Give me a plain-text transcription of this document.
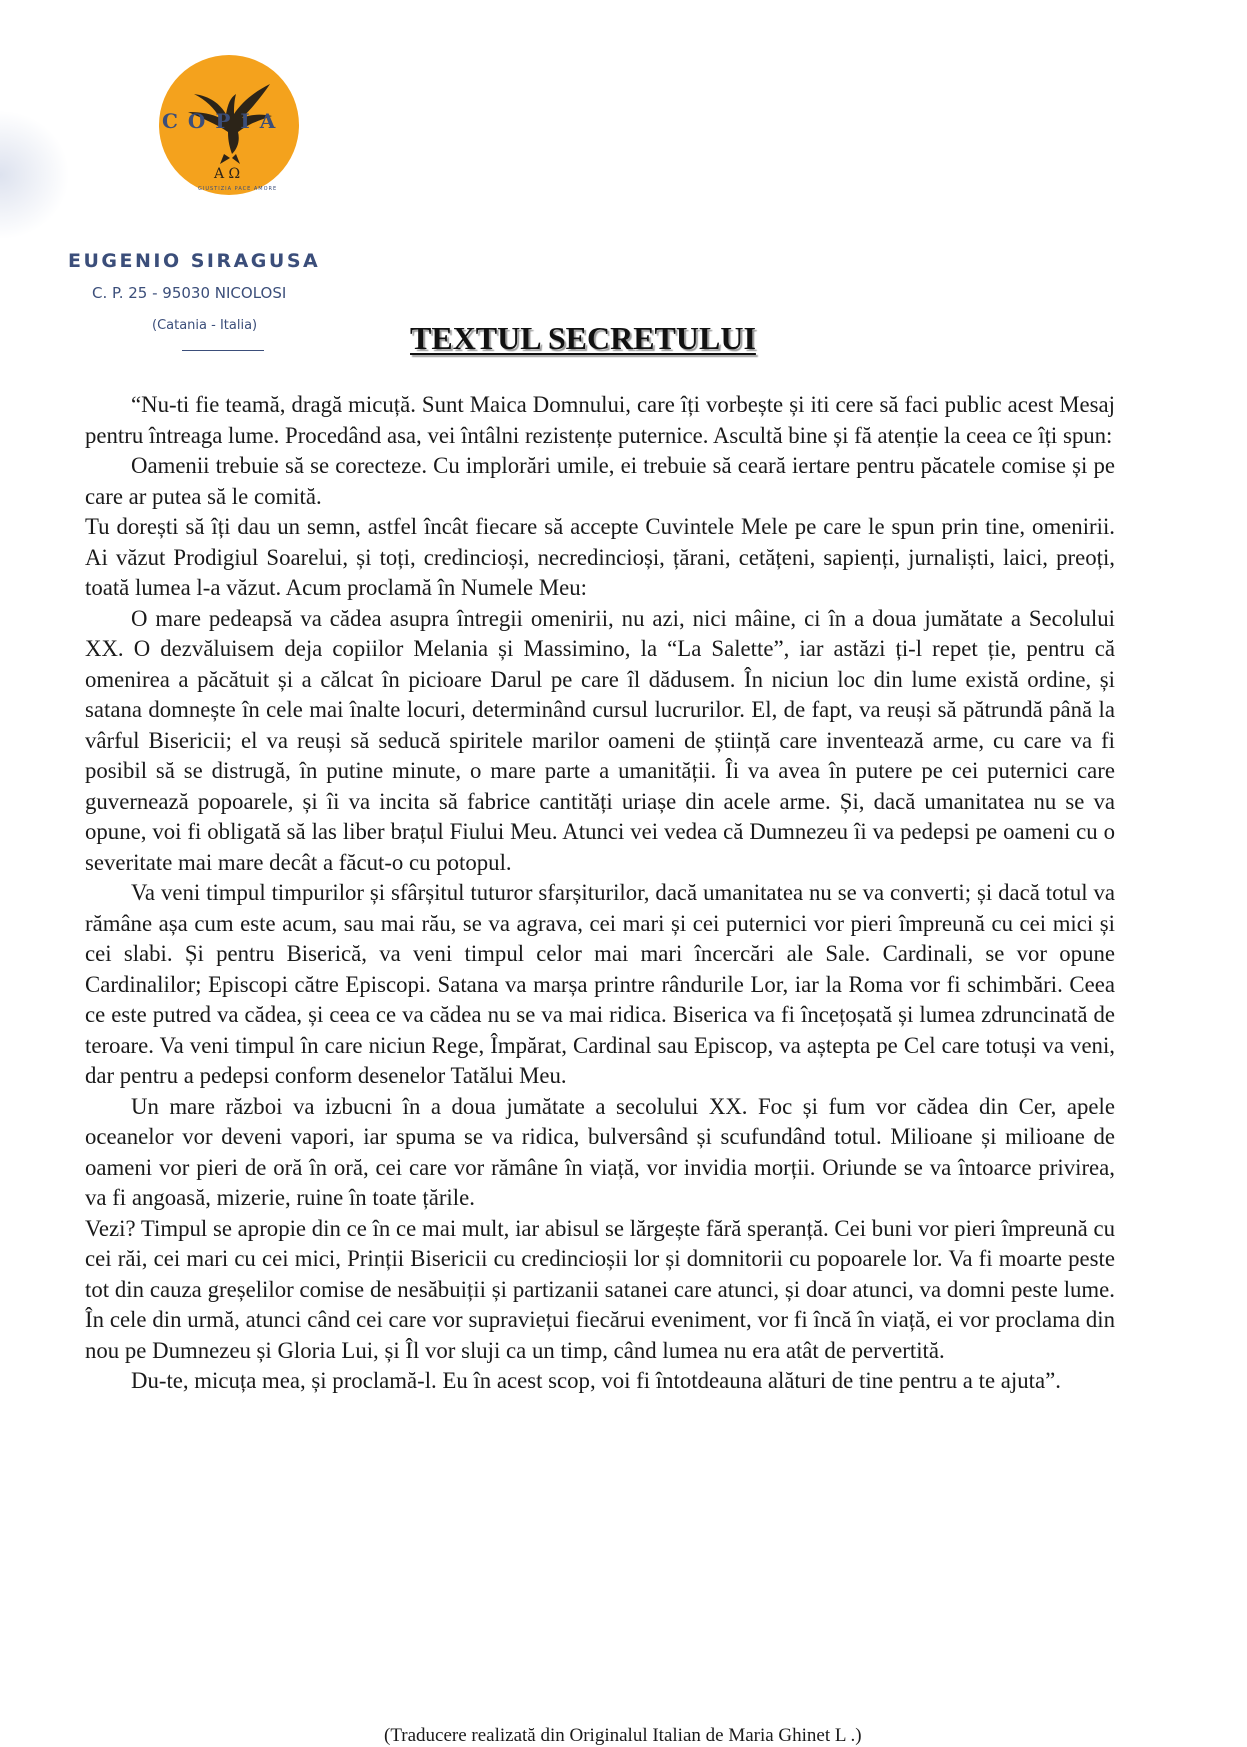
COPIA
Α Ω
GIUSTIZIA PACE AMORE
EUGENIO SIRAGUSA
C. P. 25 - 95030 NICOLOSI
(Catania - Italia)	TEXTUL SECRETULUI

“Nu-ti fie teamă, dragă micuță. Sunt Maica Domnului, care îți vorbește și iti cere să faci public acest Mesaj pentru întreaga lume. Procedând asa, vei întâlni rezistențe puternice. Ascultă bine și fă atenție la ceea ce îți spun:

Oamenii trebuie să se corecteze. Cu implorări umile, ei trebuie să ceară iertare pentru păcatele comise și pe care ar putea să le comită.

Tu dorești să îți dau un semn, astfel încât fiecare să accepte Cuvintele Mele pe care le spun prin tine, omenirii. Ai văzut Prodigiul Soarelui, și toți, credincioși, necredincioși, țărani, cetățeni, sapienți, jurnaliști, laici, preoți, toată lumea l-a văzut. Acum proclamă în Numele Meu:

O mare pedeapsă va cădea asupra întregii omenirii, nu azi, nici mâine, ci în a doua jumătate a Secolului XX. O dezvăluisem deja copiilor Melania și Massimino, la “La Salette”, iar astăzi ți-l repet ție, pentru că omenirea a păcătuit și a călcat în picioare Darul pe care îl dădusem. În niciun loc din lume există ordine, și satana domnește în cele mai înalte locuri, determinând cursul lucrurilor. El, de fapt, va reuși să pătrundă până la vârful Bisericii; el va reuși să seducă spiritele marilor oameni de știință care inventează arme, cu care va fi posibil să se distrugă, în putine minute, o mare parte a umanității. Îi va avea în putere pe cei puternici care guvernează popoarele, și îi va incita să fabrice cantități uriașe din acele arme. Și, dacă umanitatea nu se va opune, voi fi obligată să las liber brațul Fiului Meu. Atunci vei vedea că Dumnezeu îi va pedepsi pe oameni cu o severitate mai mare decât a făcut-o cu potopul.

Va veni timpul timpurilor și sfârșitul tuturor sfarșiturilor, dacă umanitatea nu se va converti; și dacă totul va rămâne așa cum este acum, sau mai rău, se va agrava, cei mari și cei puternici vor pieri împreună cu cei mici și cei slabi. Și pentru Biserică, va veni timpul celor mai mari încercări ale Sale. Cardinali, se vor opune Cardinalilor; Episcopi către Episcopi. Satana va marșa printre rândurile Lor, iar la Roma vor fi schimbări. Ceea ce este putred va cădea, și ceea ce va cădea nu se va mai ridica. Biserica va fi încețoșată și lumea zdruncinată de teroare. Va veni timpul în care niciun Rege, Împărat, Cardinal sau Episcop, va aștepta pe Cel care totuși va veni, dar pentru a pedepsi conform desenelor Tatălui Meu.

Un mare război va izbucni în a doua jumătate a secolului XX. Foc și fum vor cădea din Cer, apele oceanelor vor deveni vapori, iar spuma se va ridica, bulversând și scufundând totul. Milioane și milioane de oameni vor pieri de oră în oră, cei care vor rămâne în viață, vor invidia morții. Oriunde se va întoarce privirea, va fi angoasă, mizerie, ruine în toate țările.

Vezi? Timpul se apropie din ce în ce mai mult, iar abisul se lărgește fără speranță. Cei buni vor pieri împreună cu cei răi, cei mari cu cei mici, Prinții Bisericii cu credincioșii lor și domnitorii cu popoarele lor. Va fi moarte peste tot din cauza greșelilor comise de nesăbuiții și partizanii satanei care atunci, și doar atunci, va domni peste lume. În cele din urmă, atunci când cei care vor supraviețui fiecărui eveniment, vor fi încă în viață, ei vor proclama din nou pe Dumnezeu și Gloria Lui, și Îl vor sluji ca un timp, când lumea nu era atât de pervertită.

Du-te, micuța mea, și proclamă-l. Eu în acest scop, voi fi întotdeauna alături de tine pentru a te ajuta”.

(Traducere realizată din Originalul Italian de Maria Ghinet L .)
